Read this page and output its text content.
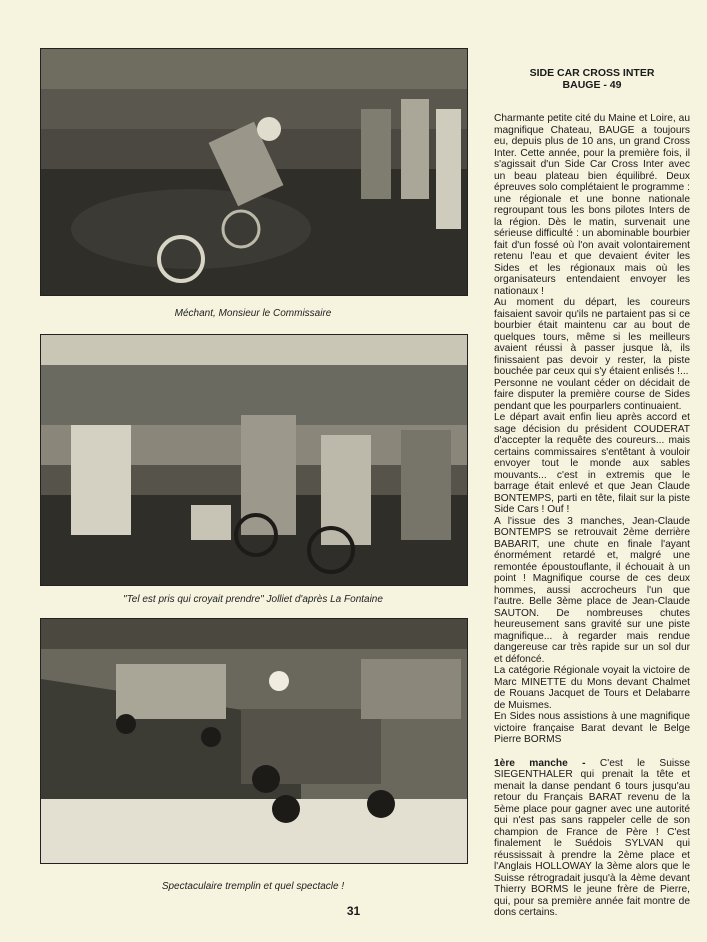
Méchant, Monsieur le Commissaire
"Tel est pris qui croyait prendre" Jolliet d'après La Fontaine
Spectaculaire tremplin et quel spectacle !
SIDE CAR CROSS INTER
BAUGE - 49

Charmante petite cité du Maine et Loire, au magnifique Chateau, BAUGE a toujours eu, depuis plus de 10 ans, un grand Cross Inter. Cette année, pour la première fois, il s'agissait d'un Side Car Cross Inter avec un beau plateau bien équilibré. Deux épreuves solo complétaient le programme : une régionale et une bonne nationale regroupant tous les bons pilotes Inters de la région. Dès le matin, survenait une sérieuse difficulté : un abominable bourbier fait d'un fossé où l'on avait volontairement retenu l'eau et que devaient éviter les Sides et les régionaux mais où les organisateurs entendaient envoyer les nationaux !

Au moment du départ, les coureurs faisaient savoir qu'ils ne partaient pas si ce bourbier était maintenu car au bout de quelques tours, même si les meilleurs avaient réussi à passer jusque là, ils finissaient pas devoir y rester, la piste bouchée par ceux qui s'y étaient enlisés !...

Personne ne voulant céder on décidait de faire disputer la première course de Sides pendant que les pourparlers continuaient.

Le départ avait enfin lieu après accord et sage décision du président COUDERAT d'accepter la requête des coureurs... mais certains commissaires s'entêtant à vouloir envoyer tout le monde aux sables mouvants... c'est in extremis que le barrage était enlevé et que Jean Claude BONTEMPS, parti en tête, filait sur la piste Side Cars ! Ouf !

A l'issue des 3 manches, Jean-Claude BONTEMPS se retrouvait 2ème derrière BABARIT, une chute en finale l'ayant énormément retardé et, malgré une remontée époustouflante, il échouait à un point ! Magnifique course de ces deux hommes, aussi accrocheurs l'un que l'autre. Belle 3ème place de Jean-Claude SAUTON. De nombreuses chutes heureusement sans gravité sur une piste magnifique... à regarder mais rendue dangereuse car très rapide sur un sol dur et défoncé.

La catégorie Régionale voyait la victoire de Marc MINETTE du Mons devant Chalmet de Rouans Jacquet de Tours et Delabarre de Muismes.

En Sides nous assistions à une magnifique victoire française Barat devant le Belge Pierre BORMS

1ère manche - C'est le Suisse SIEGENTHALER qui prenait la tête et menait la danse pendant 6 tours jusqu'au retour du Français BARAT revenu de la 5ème place pour gagner avec une autorité qui n'est pas sans rappeler celle de son champion de France de Père ! C'est finalement le Suédois SYLVAN qui réussissait à prendre la 2ème place et l'Anglais HOLLOWAY la 3ème alors que le Suisse rétrogradait jusqu'à la 4ème devant Thierry BORMS le jeune frère de Pierre, qui, pour sa première année fait montre de dons certains.

31
